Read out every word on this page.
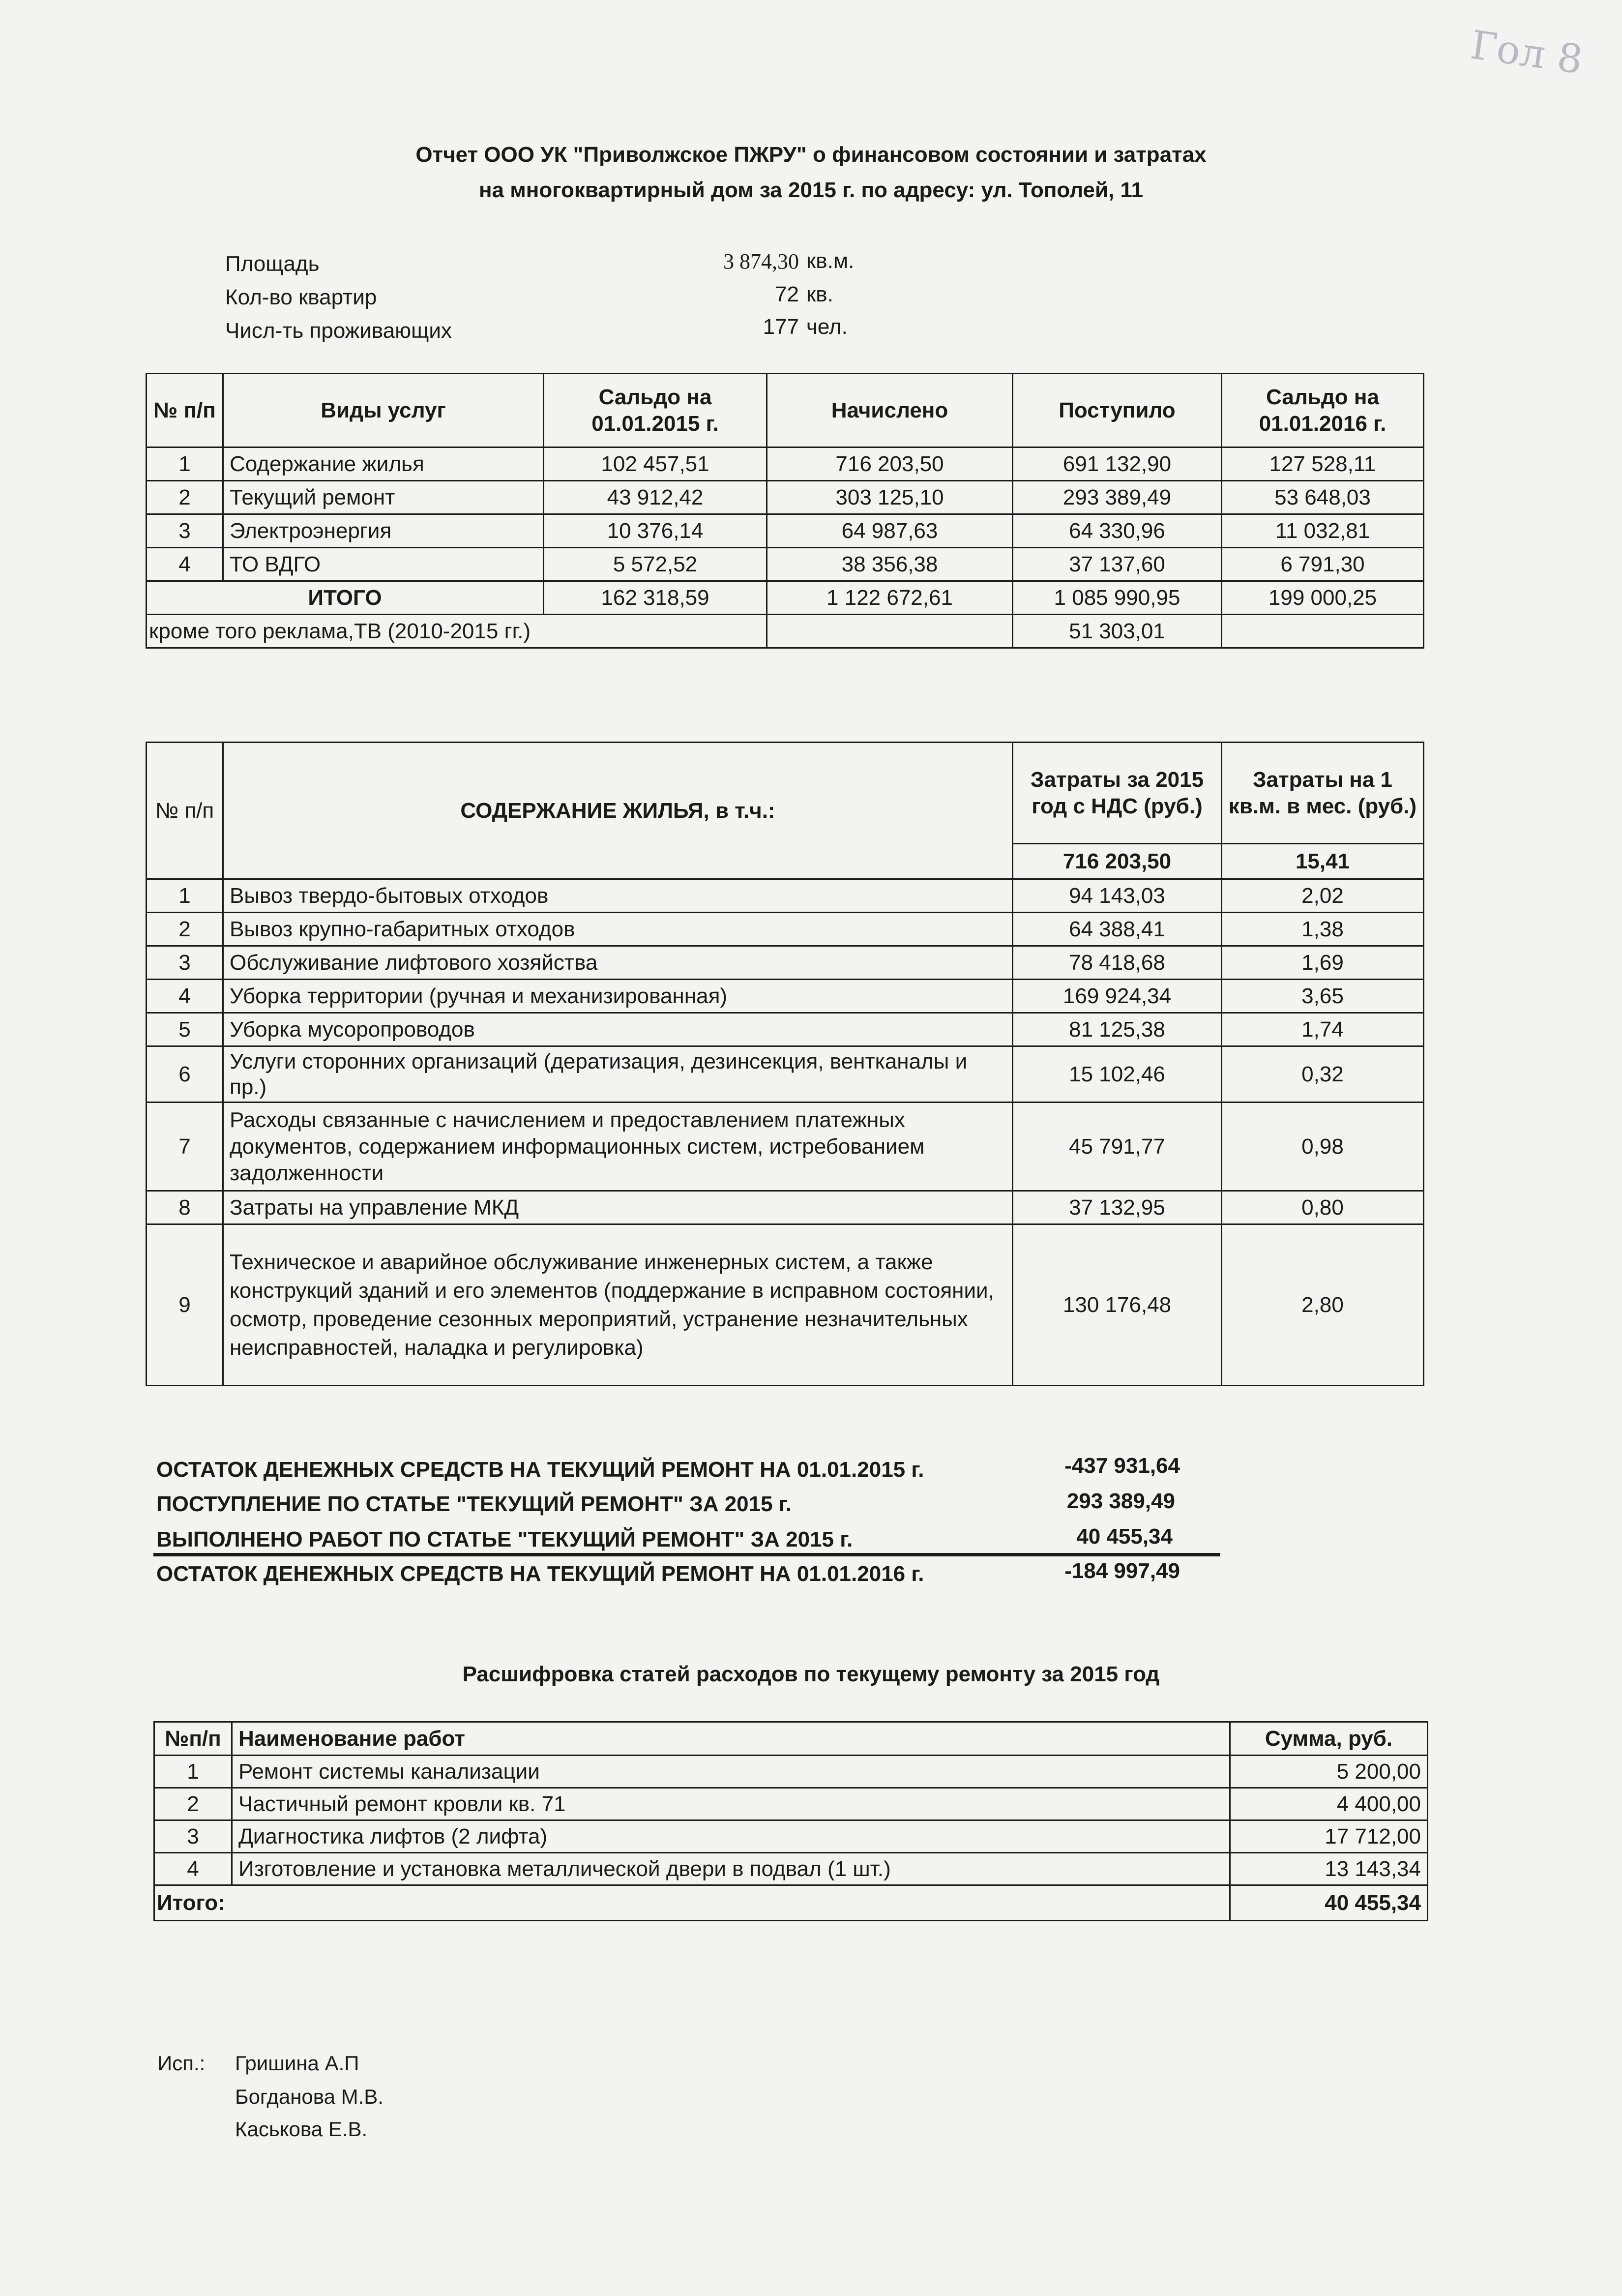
Гол 8
Отчет ООО УК "Приволжское ПЖРУ" о финансовом состоянии и затратах
на многоквартирный дом за 2015 г. по адресу: ул. Тополей, 11
Площадь	3 874,30 кв.м.
Кол-во квартир	72 кв.
Числ-ть проживающих	177 чел.
№ п/п	Виды услуг	Сальдо на 01.01.2015 г.	Начислено	Поступило	Сальдо на 01.01.2016 г.
1	Содержание жилья	102 457,51	716 203,50	691 132,90	127 528,11
2	Текущий ремонт	43 912,42	303 125,10	293 389,49	53 648,03
3	Электроэнергия	10 376,14	64 987,63	64 330,96	11 032,81
4	ТО ВДГО	5 572,52	38 356,38	37 137,60	6 791,30
ИТОГО		162 318,59	1 122 672,61	1 085 990,95	199 000,25
кроме того реклама,ТВ (2010-2015 гг.)				51 303,01	
№ п/п	СОДЕРЖАНИЕ ЖИЛЬЯ, в т.ч.:	Затраты за 2015 год с НДС (руб.)	Затраты на 1 кв.м. в мес. (руб.)
		716 203,50	15,41
1	Вывоз твердо-бытовых отходов	94 143,03	2,02
2	Вывоз крупно-габаритных отходов	64 388,41	1,38
3	Обслуживание лифтового хозяйства	78 418,68	1,69
4	Уборка территории (ручная и механизированная)	169 924,34	3,65
5	Уборка мусоропроводов	81 125,38	1,74
6	Услуги сторонних организаций (дератизация, дезинсекция, вентканалы и пр.)	15 102,46	0,32
7	Расходы связанные с начислением и предоставлением платежных документов, содержанием информационных систем, истребованием задолженности	45 791,77	0,98
8	Затраты на управление МКД	37 132,95	0,80
9	Техническое и аварийное обслуживание инженерных систем, а также конструкций зданий и его элементов (поддержание в исправном состоянии, осмотр, проведение сезонных мероприятий, устранение незначительных неисправностей, наладка и регулировка)	130 176,48	2,80
ОСТАТОК ДЕНЕЖНЫХ СРЕДСТВ НА ТЕКУЩИЙ РЕМОНТ НА 01.01.2015 г.	-437 931,64
ПОСТУПЛЕНИЕ ПО СТАТЬЕ "ТЕКУЩИЙ РЕМОНТ" ЗА 2015 г.	293 389,49
ВЫПОЛНЕНО РАБОТ ПО СТАТЬЕ "ТЕКУЩИЙ РЕМОНТ" ЗА 2015 г.	40 455,34
ОСТАТОК ДЕНЕЖНЫХ СРЕДСТВ НА ТЕКУЩИЙ РЕМОНТ НА 01.01.2016 г.	-184 997,49
Расшифровка статей расходов по текущему ремонту за 2015 год
№п/п	Наименование работ	Сумма, руб.
1	Ремонт системы канализации	5 200,00
2	Частичный ремонт кровли кв. 71	4 400,00
3	Диагностика лифтов (2 лифта)	17 712,00
4	Изготовление и установка металлической двери в подвал (1 шт.)	13 143,34
Итого:		40 455,34
Исп.: Гришина А.П
Богданова М.В.
Каськова Е.В.
